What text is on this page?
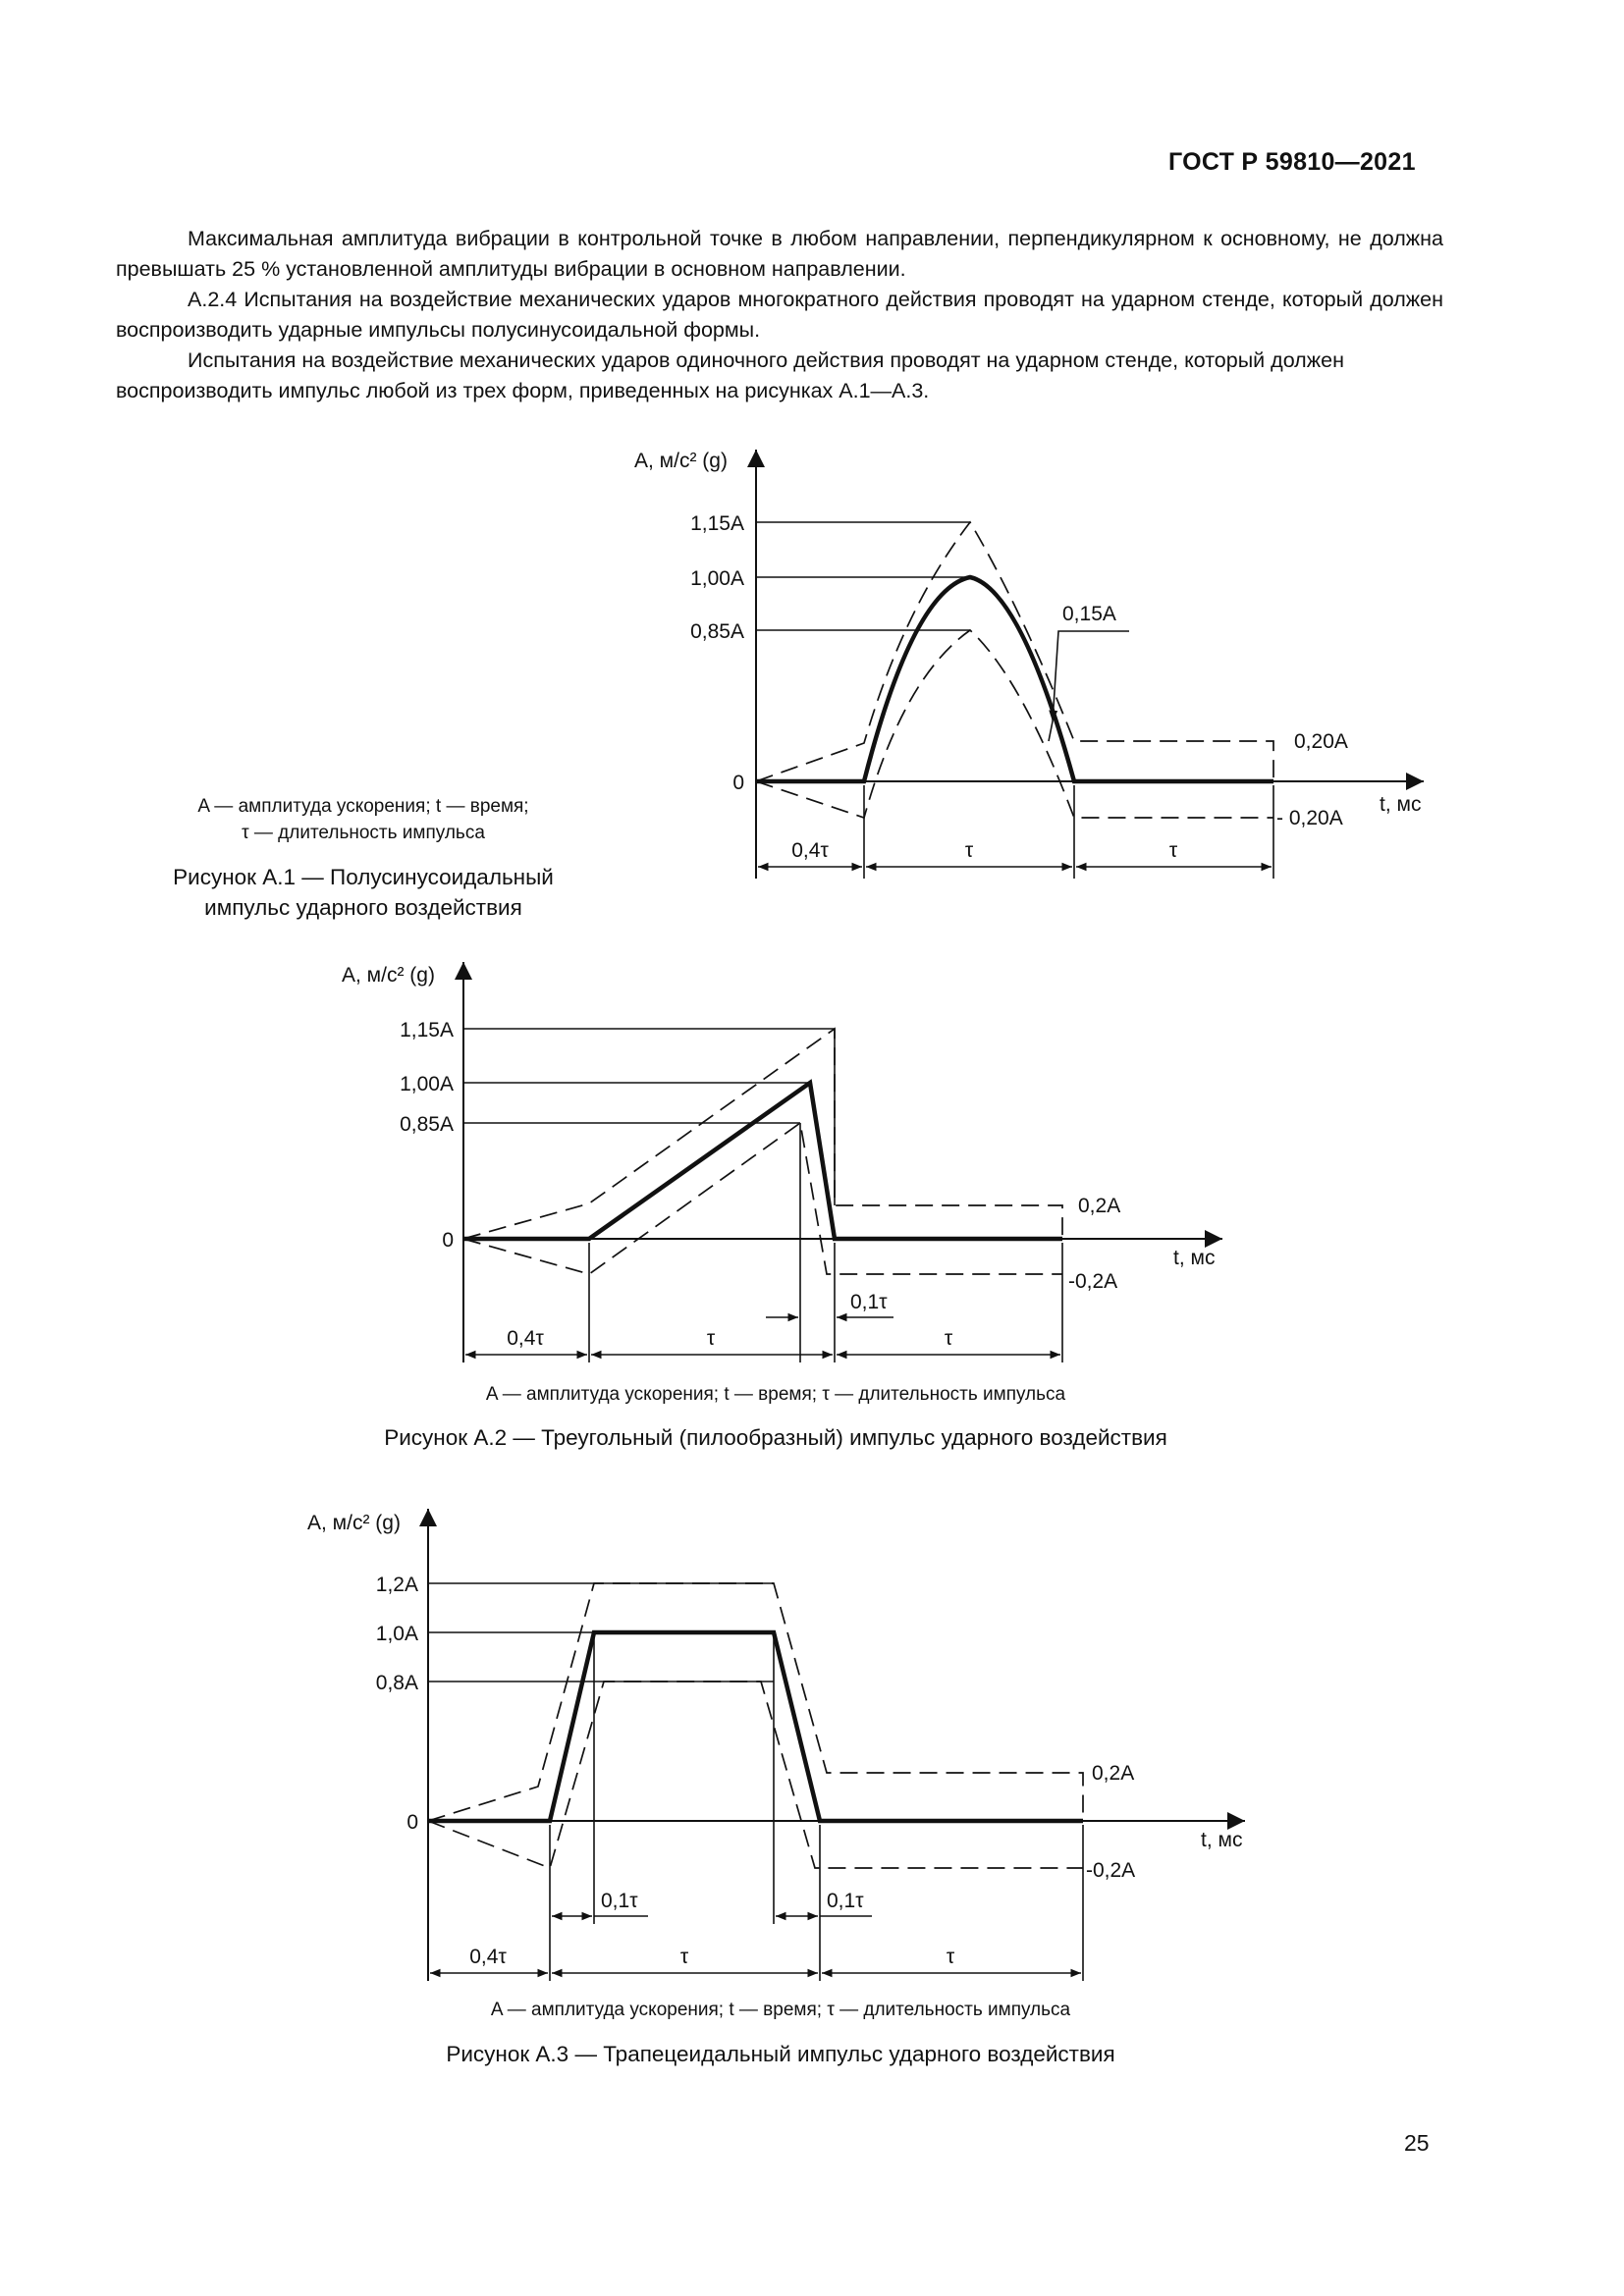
ГОСТ Р 59810—2021

Максимальная амплитуда вибрации в контрольной точке в любом направлении, перпендикулярном к основному, не должна превышать 25 % установленной амплитуды вибрации в основном направлении.

А.2.4 Испытания на воздействие механических ударов многократного действия проводят на ударном стенде, который должен воспроизводить ударные импульсы полусинусоидальной формы.

Испытания на воздействие механических ударов одиночного действия проводят на ударном стенде, который должен воспроизводить импульс любой из трех форм, приведенных на рисунках А.1—А.3.

A, м/с² (g)
1,15A
1,00A
0,85A
0
0,15A
0,20A
- 0,20A
t, мс
0,4τ	τ	τ
A — амплитуда ускорения; t — время;
τ — длительность импульса
Рисунок А.1 — Полусинусоидальный
импульс ударного воздействия
A, м/с² (g)
1,15A
1,00A
0,85A
0
0,2A
-0,2A
t, мс
0,1τ
0,4τ	τ	τ
A — амплитуда ускорения; t — время; τ — длительность импульса
Рисунок А.2 — Треугольный (пилообразный) импульс ударного воздействия
A, м/с² (g)
1,2A
1,0A
0,8A
0
0,2A
-0,2A
t, мс
0,1τ	0,1τ
0,4τ	τ	τ
A — амплитуда ускорения; t — время; τ — длительность импульса
Рисунок А.3 — Трапецеидальный импульс ударного воздействия
25
